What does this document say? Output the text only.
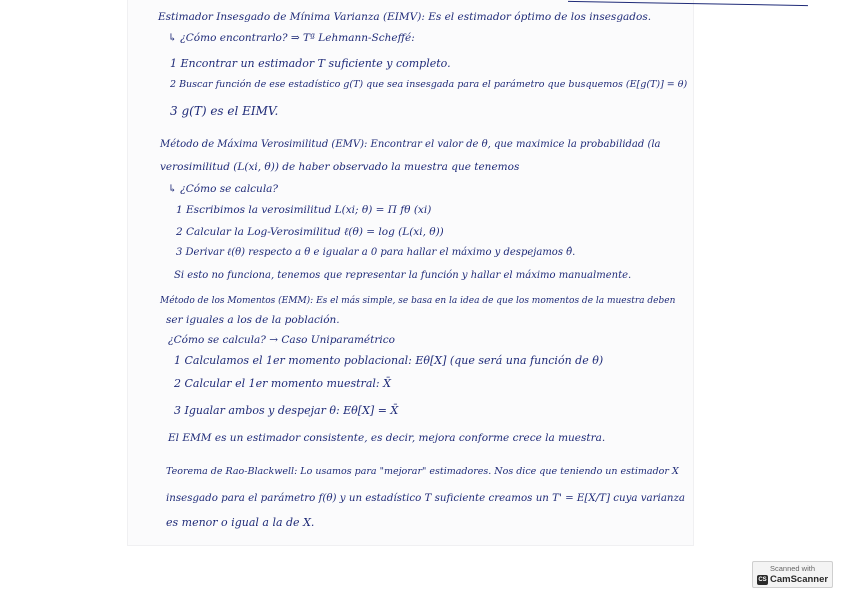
Estimador Insesgado de Mínima Varianza (EIMV): Es el estimador óptimo de los insesgados.
↳ ¿Cómo encontrarlo? ⇒ Tª Lehmann-Scheffé:
1 Encontrar un estimador T suficiente y completo.
2 Buscar función de ese estadístico g(T) que sea insesgada para el parámetro que busquemos (E[g(T)] = θ)
3 g(T) es el EIMV.
Método de Máxima Verosimilitud (EMV): Encontrar el valor de θ, que maximice la probabilidad (la
verosimilitud (L(xi, θ)) de haber observado la muestra que tenemos
↳ ¿Cómo se calcula?
1 Escribimos la verosimilitud L(xi; θ) = Π fθ (xi)
2 Calcular la Log-Verosimilitud ℓ(θ) = log (L(xi, θ))
3 Derivar ℓ(θ) respecto a θ e igualar a 0 para hallar el máximo y despejamos θ̂.
Si esto no funciona, tenemos que representar la función y hallar el máximo manualmente.
Método de los Momentos (EMM): Es el más simple, se basa en la idea de que los momentos de la muestra deben
ser iguales a los de la población.
¿Cómo se calcula? → Caso Uniparamétrico
1 Calculamos el 1er momento poblacional: Eθ[X] (que será una función de θ)
2 Calcular el 1er momento muestral: X̄
3 Igualar ambos y despejar θ: Eθ[X] = X̄
El EMM es un estimador consistente, es decir, mejora conforme crece la muestra.
Teorema de Rao-Blackwell: Lo usamos para "mejorar" estimadores. Nos dice que teniendo un estimador X
insesgado para el parámetro f(θ) y un estadístico T suficiente creamos un T' = E[X/T] cuya varianza
es menor o igual a la de X.
Scanned with
CS CamScanner
